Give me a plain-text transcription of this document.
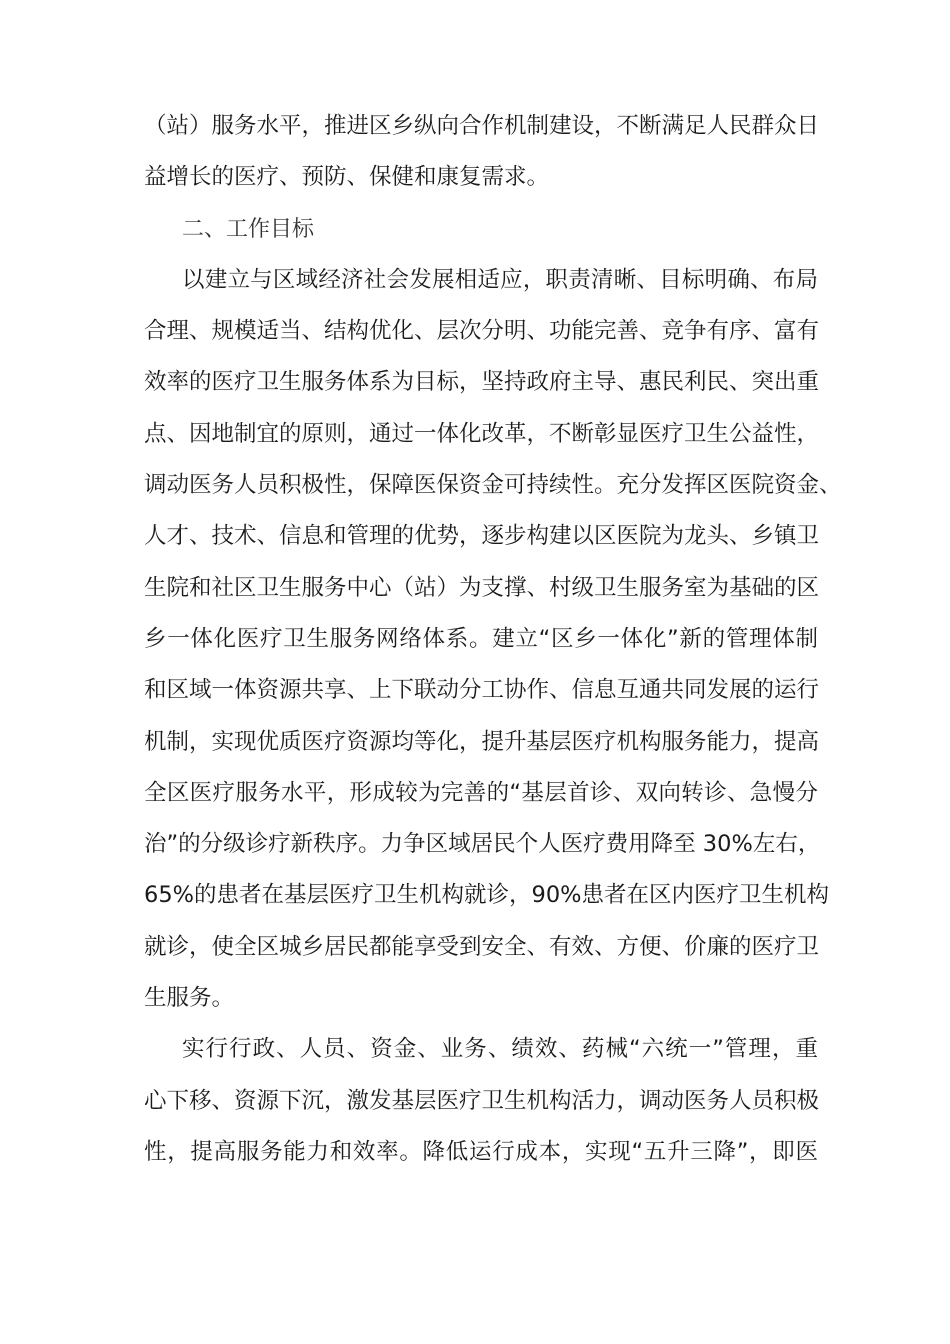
（站）服务水平，推进区乡纵向合作机制建设，不断满足人民群众日
益增长的医疗、预防、保健和康复需求。
二、工作目标
以建立与区域经济社会发展相适应，职责清晰、目标明确、布局
合理、规模适当、结构优化、层次分明、功能完善、竞争有序、富有
效率的医疗卫生服务体系为目标，坚持政府主导、惠民利民、突出重
点、因地制宜的原则，通过一体化改革，不断彰显医疗卫生公益性，
调动医务人员积极性，保障医保资金可持续性。充分发挥区医院资金、
人才、技术、信息和管理的优势，逐步构建以区医院为龙头、乡镇卫
生院和社区卫生服务中心（站）为支撑、村级卫生服务室为基础的区
乡一体化医疗卫生服务网络体系。建立“区乡一体化”新的管理体制
和区域一体资源共享、上下联动分工协作、信息互通共同发展的运行
机制，实现优质医疗资源均等化，提升基层医疗机构服务能力，提高
全区医疗服务水平，形成较为完善的“基层首诊、双向转诊、急慢分
治”的分级诊疗新秩序。力争区域居民个人医疗费用降至 30%左右，
65%的患者在基层医疗卫生机构就诊，90%患者在区内医疗卫生机构
就诊，使全区城乡居民都能享受到安全、有效、方便、价廉的医疗卫
生服务。
实行行政、人员、资金、业务、绩效、药械“六统一”管理，重
心下移、资源下沉，激发基层医疗卫生机构活力，调动医务人员积极
性，提高服务能力和效率。降低运行成本，实现“五升三降”，即医
